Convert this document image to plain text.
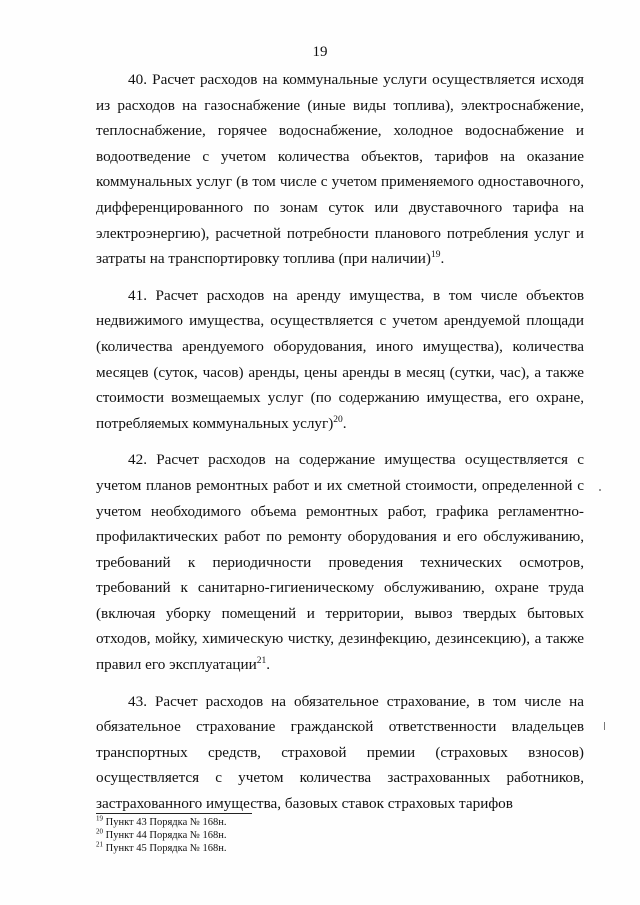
19

40. Расчет расходов на коммунальные услуги осуществляется исходя из расходов на газоснабжение (иные виды топлива), электроснабжение, теплоснабжение, горячее водоснабжение, холодное водоснабжение и водоотведение с учетом количества объектов, тарифов на оказание коммунальных услуг (в том числе с учетом применяемого одноставочного, дифференцированного по зонам суток или двуставочного тарифа на электроэнергию), расчетной потребности планового потребления услуг и затраты на транспортировку топлива (при наличии)$^{19}$.

41. Расчет расходов на аренду имущества, в том числе объектов недвижимого имущества, осуществляется с учетом арендуемой площади (количества арендуемого оборудования, иного имущества), количества месяцев (суток, часов) аренды, цены аренды в месяц (сутки, час), а также стоимости возмещаемых услуг (по содержанию имущества, его охране, потребляемых коммунальных услуг)$^{20}$.

42. Расчет расходов на содержание имущества осуществляется с учетом планов ремонтных работ и их сметной стоимости, определенной с учетом необходимого объема ремонтных работ, графика регламентно-профилактических работ по ремонту оборудования и его обслуживанию, требований к периодичности проведения технических осмотров, требований к санитарно-гигиеническому обслуживанию, охране труда (включая уборку помещений и территории, вывоз твердых бытовых отходов, мойку, химическую чистку, дезинфекцию, дезинсекцию), а также правил его эксплуатации$^{21}$.

43. Расчет расходов на обязательное страхование, в том числе на обязательное страхование гражданской ответственности владельцев транспортных средств, страховой премии (страховых взносов) осуществляется с учетом количества застрахованных работников, застрахованного имущества, базовых ставок страховых тарифов

$^{19}$ Пункт 43 Порядка № 168н.
$^{20}$ Пункт 44 Порядка № 168н.
$^{21}$ Пункт 45 Порядка № 168н.
